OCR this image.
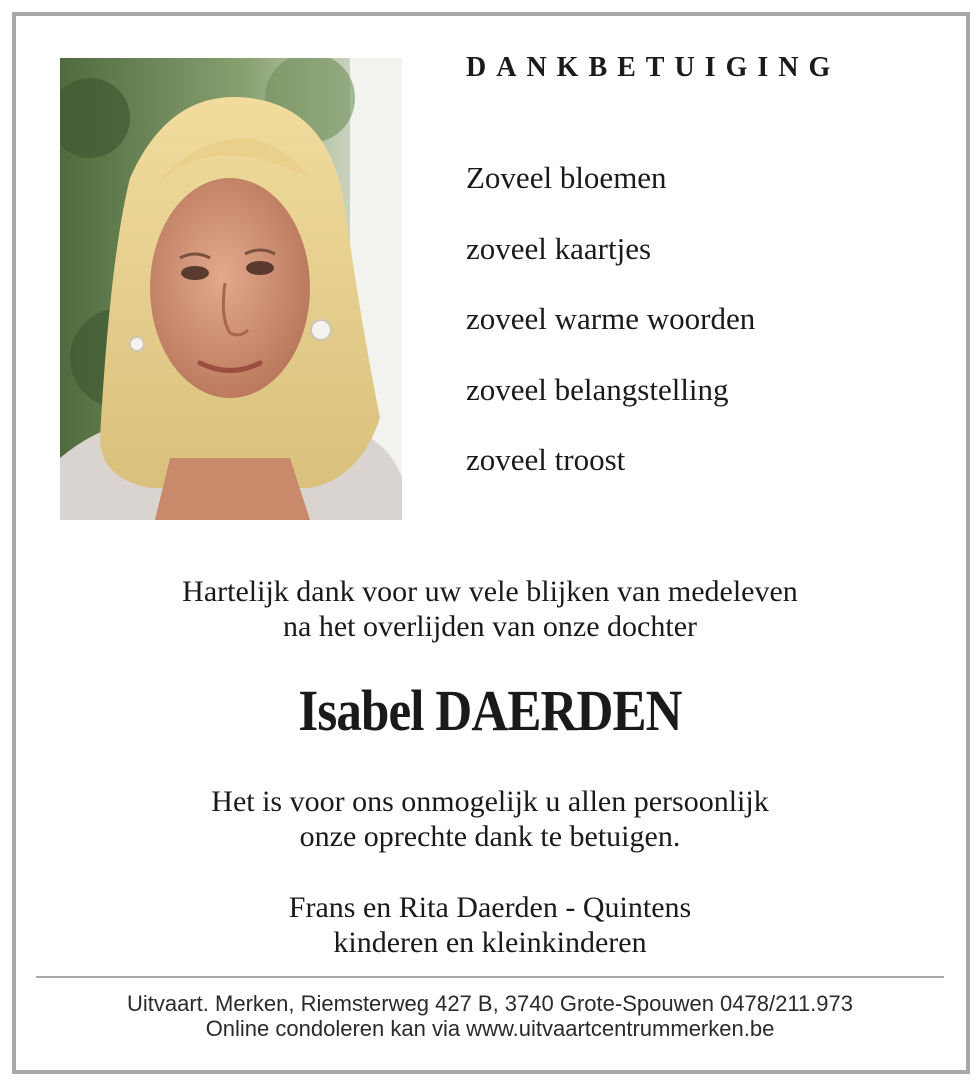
DANKBETUIGING
Zoveel bloemen
zoveel kaartjes
zoveel warme woorden
zoveel belangstelling
zoveel troost
Hartelijk dank voor uw vele blijken van medeleven
na het overlijden van onze dochter
Isabel DAERDEN
Het is voor ons onmogelijk u allen persoonlijk
onze oprechte dank te betuigen.
Frans en Rita Daerden - Quintens
kinderen en kleinkinderen
Uitvaart. Merken, Riemsterweg 427 B, 3740 Grote-Spouwen 0478/211.973
Online condoleren kan via www.uitvaartcentrummerken.be
